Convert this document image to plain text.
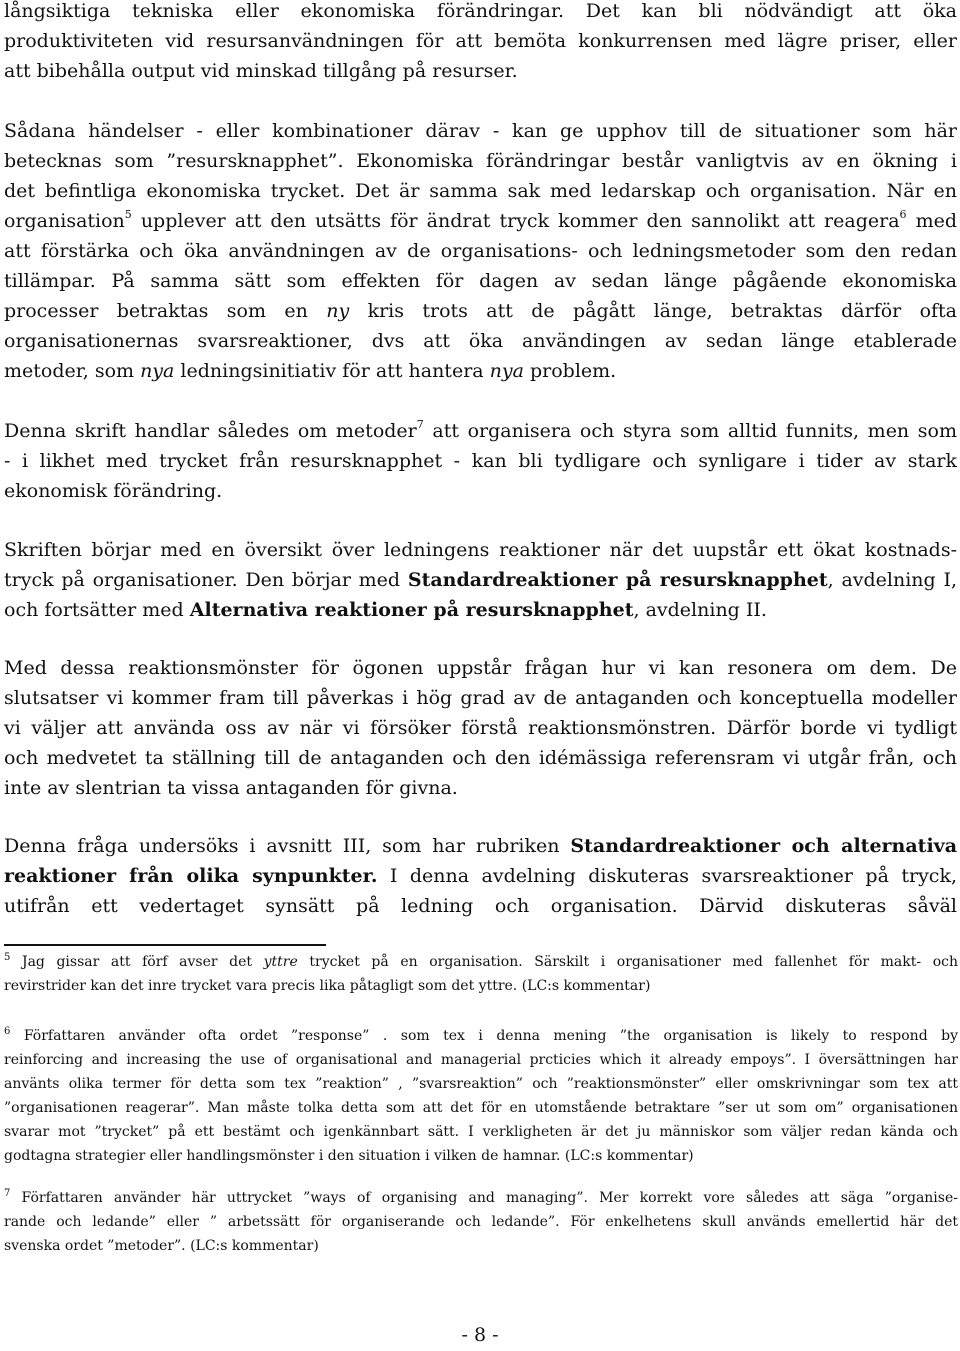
långsiktiga tekniska eller ekonomiska förändringar. Det kan bli nödvändigt att öka
produktiviteten vid resursanvändningen för att bemöta konkurrensen med lägre priser, eller
att bibehålla output vid minskad tillgång på resurser.

Sådana händelser - eller kombinationer därav - kan ge upphov till de situationer som här
betecknas som ”resursknapphet”. Ekonomiska förändringar består vanligtvis av en ökning i
det befintliga ekonomiska trycket. Det är samma sak med ledarskap och organisation. När en
organisation$^5$ upplever att den utsätts för ändrat tryck kommer den sannolikt att reagera$^6$ med
att förstärka och öka användningen av de organisations- och ledningsmetoder som den redan
tillämpar. På samma sätt som effekten för dagen av sedan länge pågående ekonomiska
processer betraktas som en ny kris trots att de pågått länge, betraktas därför ofta
organisationernas svarsreaktioner, dvs att öka användingen av sedan länge etablerade
metoder, som nya ledningsinitiativ för att hantera nya problem.

Denna skrift handlar således om metoder$^7$ att organisera och styra som alltid funnits, men som
- i likhet med trycket från resursknapphet - kan bli tydligare och synligare i tider av stark
ekonomisk förändring.

Skriften börjar med en översikt över ledningens reaktioner när det uupstår ett ökat kostnads-
tryck på organisationer. Den börjar med Standardreaktioner på resursknapphet, avdelning I,
och fortsätter med Alternativa reaktioner på resursknapphet, avdelning II.

Med dessa reaktionsmönster för ögonen uppstår frågan hur vi kan resonera om dem. De
slutsatser vi kommer fram till påverkas i hög grad av de antaganden och konceptuella modeller
vi väljer att använda oss av när vi försöker förstå reaktionsmönstren. Därför borde vi tydligt
och medvetet ta ställning till de antaganden och den idémässiga referensram vi utgår från, och
inte av slentrian ta vissa antaganden för givna.

Denna fråga undersöks i avsnitt III, som har rubriken Standardreaktioner och alternativa
reaktioner från olika synpunkter. I denna avdelning diskuteras svarsreaktioner på tryck,
utifrån ett vedertaget synsätt på ledning och organisation. Därvid diskuteras såväl

$^5$ Jag gissar att förf avser det yttre trycket på en organisation. Särskilt i organisationer med fallenhet för makt- och
revirstrider kan det inre trycket vara precis lika påtagligt som det yttre. (LC:s kommentar)

$^6$ Författaren använder ofta ordet ”response” . som tex i denna mening ”the organisation is likely to respond by
reinforcing and increasing the use of organisational and managerial prcticies which it already empoys”. I översättningen har
använts olika termer för detta som tex ”reaktion” , ”svarsreaktion” och ”reaktionsmönster” eller omskrivningar som tex att
”organisationen reagerar”. Man måste tolka detta som att det för en utomstående betraktare ”ser ut som om” organisationen
svarar mot ”trycket” på ett bestämt och igenkännbart sätt. I verkligheten är det ju människor som väljer redan kända och
godtagna strategier eller handlingsmönster i den situation i vilken de hamnar. (LC:s kommentar)

$^7$ Författaren använder här uttrycket ”ways of organising and managing”. Mer korrekt vore således att säga ”organise-
rande och ledande” eller ” arbetssätt för organiserande och ledande”. För enkelhetens skull används emellertid här det
svenska ordet ”metoder”. (LC:s kommentar)

- 8 -
